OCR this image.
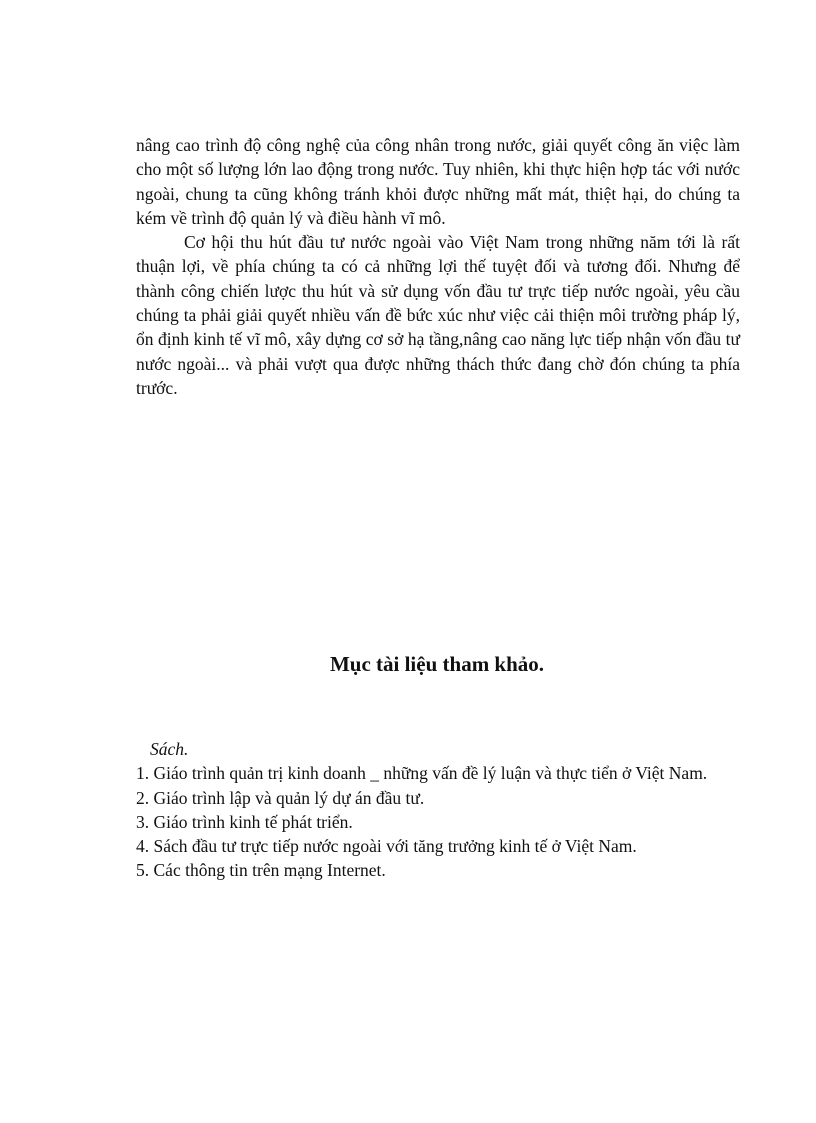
nâng cao trình độ công nghệ của công nhân trong nước, giải quyết công ăn việc làm cho một số lượng lớn lao động trong nước. Tuy nhiên, khi thực hiện hợp tác với nước ngoài, chung ta cũng không tránh khỏi được những mất mát, thiệt hại, do chúng ta kém về trình độ quản lý và điều hành vĩ mô.

Cơ hội thu hút đầu tư nước ngoài vào Việt Nam trong những năm tới là rất thuận lợi, về phía chúng ta có cả những lợi thế tuyệt đối và tương đối. Nhưng để thành công chiến lược thu hút và sử dụng vốn đầu tư trực tiếp nước ngoài, yêu cầu chúng ta phải giải quyết nhiều vấn đề bức xúc như việc cải thiện môi trường pháp lý, ổn định kinh tế vĩ mô, xây dựng cơ sở hạ tầng,nâng cao năng lực tiếp nhận vốn đầu tư nước ngoài... và phải vượt qua được những thách thức đang chờ đón chúng ta phía trước.

Mục tài liệu tham khảo.

Sách.

1. Giáo trình quản trị kinh doanh _ những vấn đề lý luận và thực tiển ở Việt Nam.
2. Giáo trình lập và quản lý dự án đầu tư.
3. Giáo trình kinh tế phát triển.
4. Sách đầu tư trực tiếp nước ngoài với tăng trưởng kinh tế ở Việt Nam.
5. Các thông tin trên mạng Internet.
